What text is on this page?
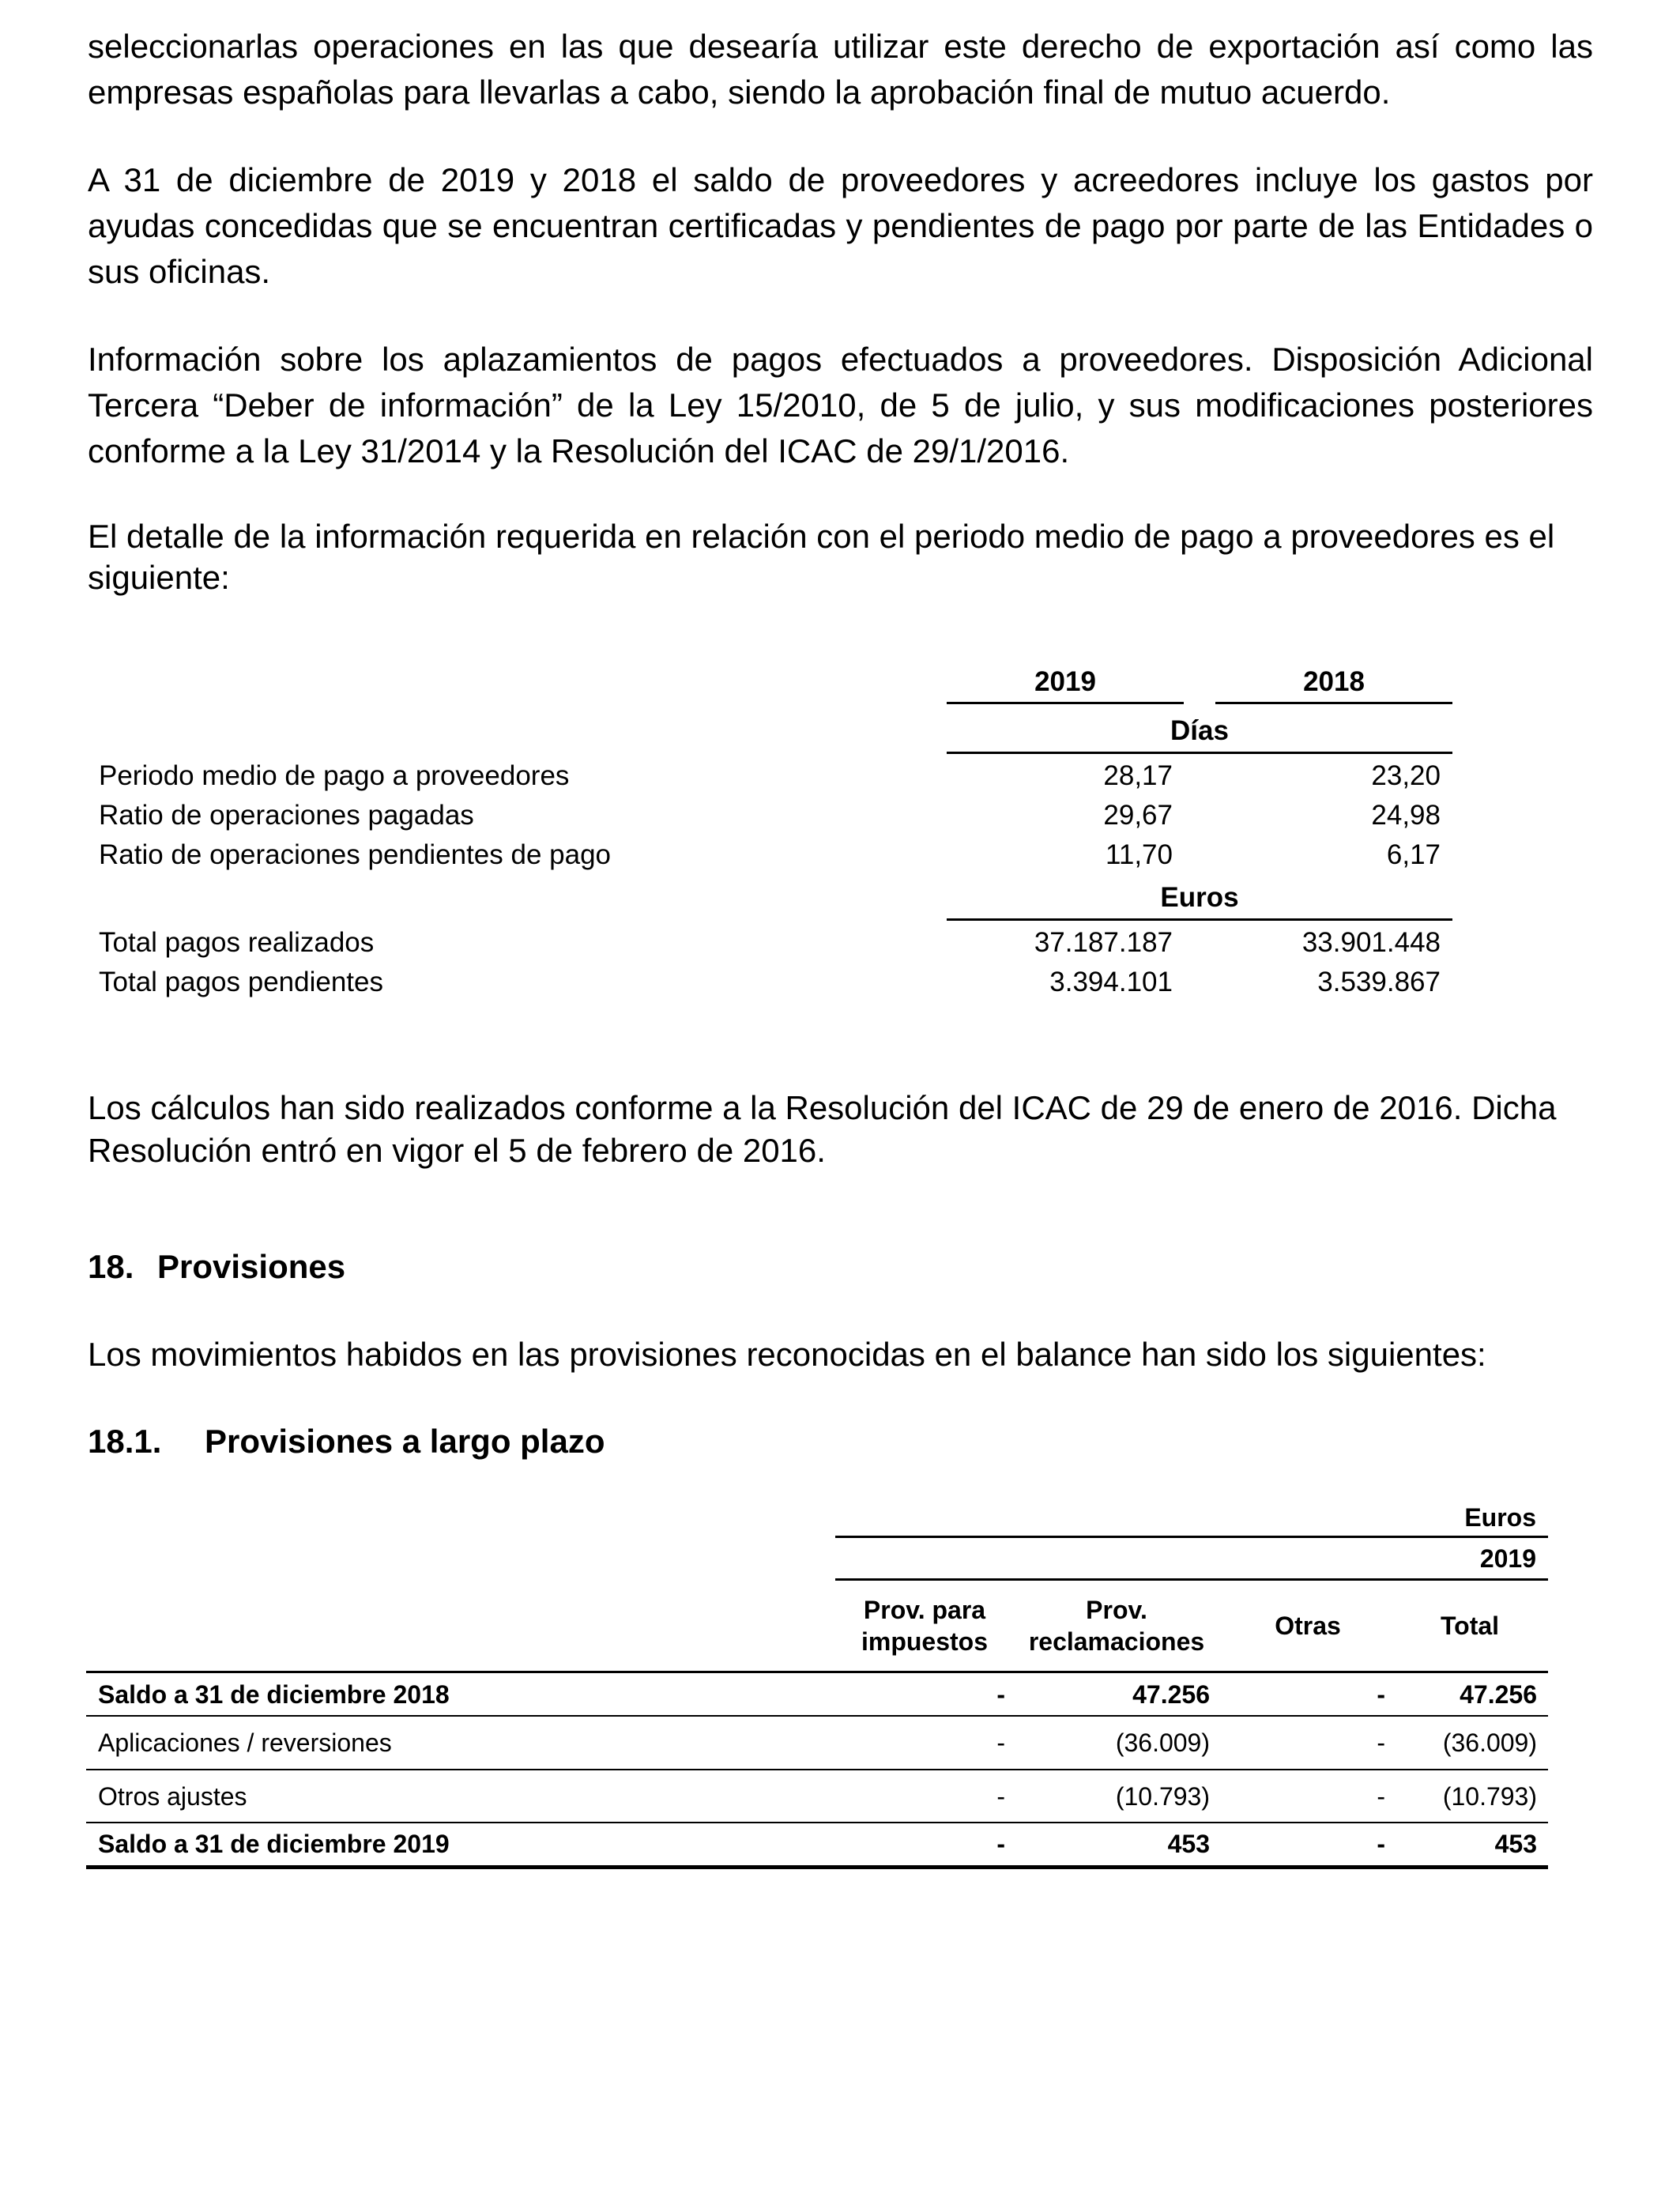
seleccionarlas operaciones en las que desearía utilizar este derecho de exportación así como las empresas españolas para llevarlas a cabo, siendo la aprobación final de mutuo acuerdo.

A 31 de diciembre de 2019 y 2018 el saldo de proveedores y acreedores incluye los gastos por ayudas concedidas que se encuentran certificadas y pendientes de pago por parte de las Entidades o sus oficinas.

Información sobre los aplazamientos de pagos efectuados a proveedores. Disposición Adicional Tercera “Deber de información” de la Ley 15/2010, de 5 de julio, y sus modificaciones posteriores conforme a la Ley 31/2014 y la Resolución del ICAC de 29/1/2016.

El detalle de la información requerida en relación con el periodo medio de pago a proveedores es el siguiente:

2019	2018
Días
Periodo medio de pago a proveedores	28,17	23,20
Ratio de operaciones pagadas	29,67	24,98
Ratio de operaciones pendientes de pago	11,70	6,17
Euros
Total pagos realizados	37.187.187	33.901.448
Total pagos pendientes	3.394.101	3.539.867

Los cálculos han sido realizados conforme a la Resolución del ICAC de 29 de enero de 2016. Dicha Resolución entró en vigor el 5 de febrero de 2016.

18. Provisiones

Los movimientos habidos en las provisiones reconocidas en el balance han sido los siguientes:

18.1. Provisiones a largo plazo
Euros
2019
Prov. para
impuestos
Prov.
reclamaciones
Otras	Total
Saldo a 31 de diciembre 2018	-	47.256	-	47.256
Aplicaciones / reversiones	-	(36.009)	-	(36.009)
Otros ajustes	-	(10.793)	-	(10.793)
Saldo a 31 de diciembre 2019	-	453	-	453
